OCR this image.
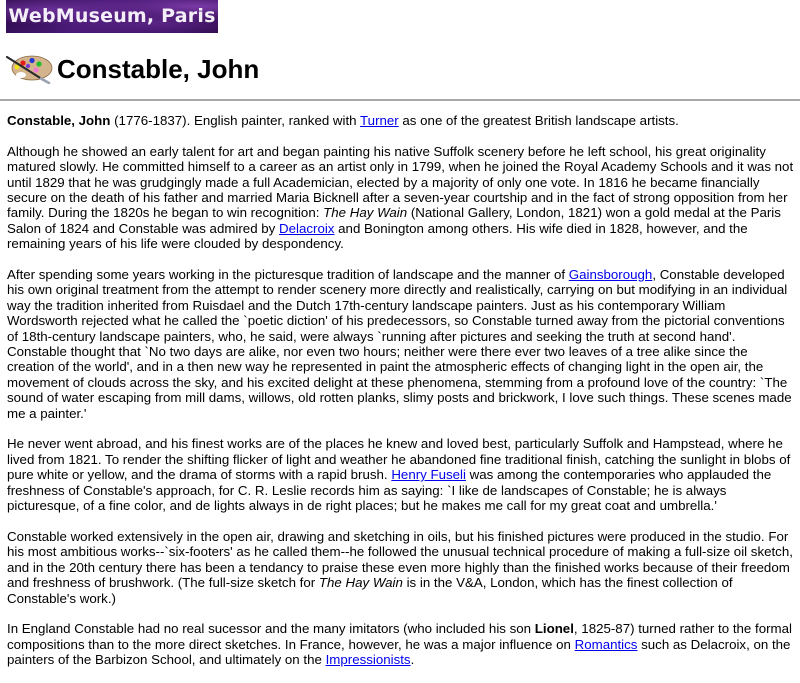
WebMuseum, Paris
Constable, John

Constable, John (1776-1837). English painter, ranked with Turner as one of the greatest British landscape artists.

Although he showed an early talent for art and began painting his native Suffolk scenery before he left school, his great originality matured slowly. He committed himself to a career as an artist only in 1799, when he joined the Royal Academy Schools and it was not until 1829 that he was grudgingly made a full Academician, elected by a majority of only one vote. In 1816 he became financially secure on the death of his father and married Maria Bicknell after a seven-year courtship and in the fact of strong opposition from her family. During the 1820s he began to win recognition: The Hay Wain (National Gallery, London, 1821) won a gold medal at the Paris Salon of 1824 and Constable was admired by Delacroix and Bonington among others. His wife died in 1828, however, and the remaining years of his life were clouded by despondency.

After spending some years working in the picturesque tradition of landscape and the manner of Gainsborough, Constable developed his own original treatment from the attempt to render scenery more directly and realistically, carrying on but modifying in an individual way the tradition inherited from Ruisdael and the Dutch 17th-century landscape painters. Just as his contemporary William Wordsworth rejected what he called the `poetic diction' of his predecessors, so Constable turned away from the pictorial conventions of 18th-century landscape painters, who, he said, were always `running after pictures and seeking the truth at second hand'. Constable thought that `No two days are alike, nor even two hours; neither were there ever two leaves of a tree alike since the creation of the world', and in a then new way he represented in paint the atmospheric effects of changing light in the open air, the movement of clouds across the sky, and his excited delight at these phenomena, stemming from a profound love of the country: `The sound of water escaping from mill dams, willows, old rotten planks, slimy posts and brickwork, I love such things. These scenes made me a painter.'

He never went abroad, and his finest works are of the places he knew and loved best, particularly Suffolk and Hampstead, where he lived from 1821. To render the shifting flicker of light and weather he abandoned fine traditional finish, catching the sunlight in blobs of pure white or yellow, and the drama of storms with a rapid brush. Henry Fuseli was among the contemporaries who applauded the freshness of Constable's approach, for C. R. Leslie records him as saying: `I like de landscapes of Constable; he is always picturesque, of a fine color, and de lights always in de right places; but he makes me call for my great coat and umbrella.'

Constable worked extensively in the open air, drawing and sketching in oils, but his finished pictures were produced in the studio. For his most ambitious works--`six-footers' as he called them--he followed the unusual technical procedure of making a full-size oil sketch, and in the 20th century there has been a tendancy to praise these even more highly than the finished works because of their freedom and freshness of brushwork. (The full-size sketch for The Hay Wain is in the V&A, London, which has the finest collection of Constable's work.)

In England Constable had no real sucessor and the many imitators (who included his son Lionel, 1825-87) turned rather to the formal compositions than to the more direct sketches. In France, however, he was a major influence on Romantics such as Delacroix, on the painters of the Barbizon School, and ultimately on the Impressionists.
